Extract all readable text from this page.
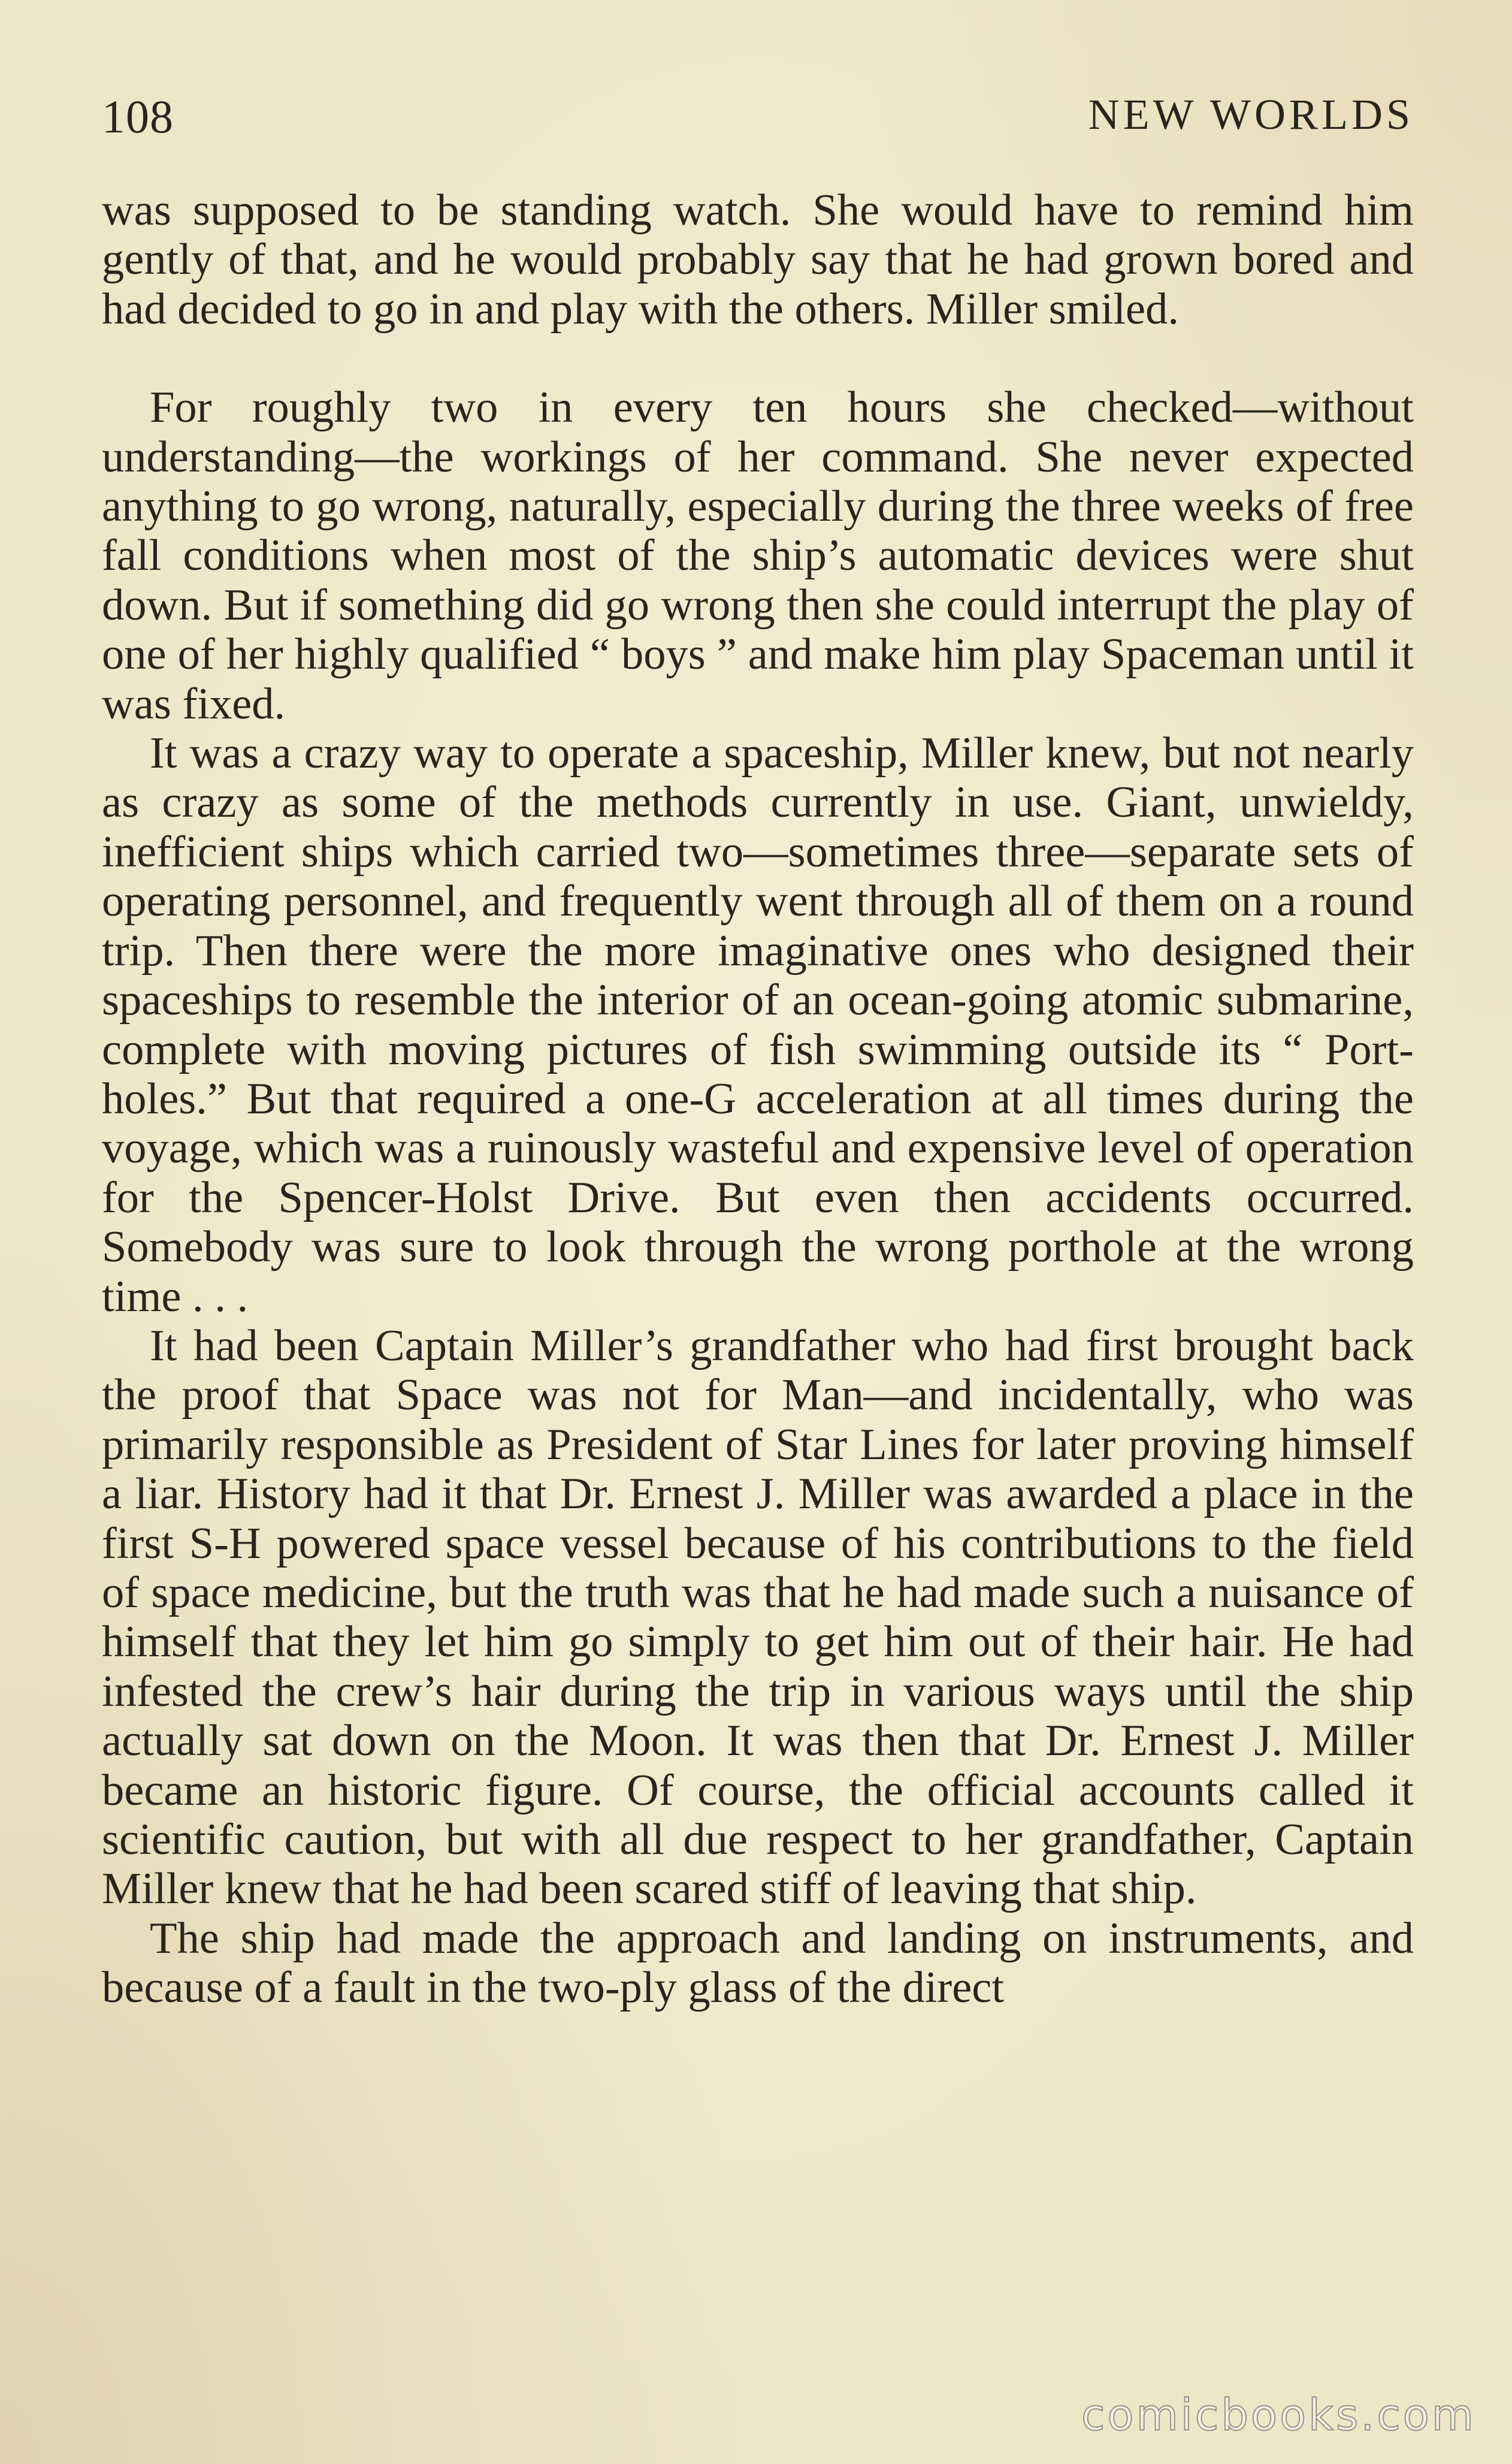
108	NEW WORLDS

was supposed to be standing watch. She would have to remind him gently of that, and he would probably say that he had grown bored and had decided to go in and play with the others. Miller smiled.

For roughly two in every ten hours she checked—without understanding—the workings of her command. She never expected anything to go wrong, naturally, especially during the three weeks of free fall conditions when most of the ship’s automatic devices were shut down. But if something did go wrong then she could interrupt the play of one of her highly qualified “ boys ” and make him play Spaceman until it was fixed.

It was a crazy way to operate a spaceship, Miller knew, but not nearly as crazy as some of the methods currently in use. Giant, unwieldy, inefficient ships which carried two—sometimes three—separate sets of operating personnel, and frequently went through all of them on a round trip. Then there were the more imaginative ones who designed their spaceships to resemble the interior of an ocean-going atomic submarine, complete with moving pictures of fish swimming outside its “ Port-holes.” But that required a one-G acceleration at all times during the voyage, which was a ruinously wasteful and expensive level of operation for the Spencer-Holst Drive. But even then accidents occurred. Somebody was sure to look through the wrong porthole at the wrong time . . .

It had been Captain Miller’s grandfather who had first brought back the proof that Space was not for Man—and incidentally, who was primarily responsible as President of Star Lines for later proving himself a liar. History had it that Dr. Ernest J. Miller was awarded a place in the first S-H powered space vessel because of his contributions to the field of space medicine, but the truth was that he had made such a nuisance of himself that they let him go simply to get him out of their hair. He had infested the crew’s hair during the trip in various ways until the ship actually sat down on the Moon. It was then that Dr. Ernest J. Miller became an historic figure. Of course, the official accounts called it scientific caution, but with all due respect to her grandfather, Captain Miller knew that he had been scared stiff of leaving that ship.

The ship had made the approach and landing on instruments, and because of a fault in the two-ply glass of the direct

comicbooks.com
